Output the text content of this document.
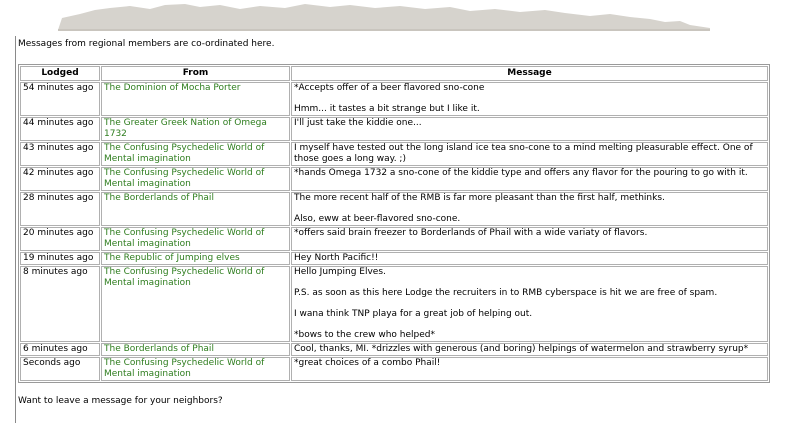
Messages from regional members are co-ordinated here.
Lodged	From	Message
54 minutes ago	The Dominion of Mocha Porter	*Accepts offer of a beer flavored sno-cone

Hmm... it tastes a bit strange but I like it.

44 minutes ago	The Greater Greek Nation of Omega 1732	I'll just take the kiddie one...

43 minutes ago	The Confusing Psychedelic World of Mental imagination	I myself have tested out the long island ice tea sno-cone to a mind melting pleasurable effect. One of those goes a long way. ;)

42 minutes ago	The Confusing Psychedelic World of Mental imagination	*hands Omega 1732 a sno-cone of the kiddie type and offers any flavor for the pouring to go with it.

28 minutes ago	The Borderlands of Phail	The more recent half of the RMB is far more pleasant than the first half, methinks.

Also, eww at beer-flavored sno-cone.

20 minutes ago	The Confusing Psychedelic World of Mental imagination	*offers said brain freezer to Borderlands of Phail with a wide variaty of flavors.

19 minutes ago	The Republic of Jumping elves	Hey North Pacific!!

8 minutes ago	The Confusing Psychedelic World of Mental imagination	Hello Jumping Elves.

P.S. as soon as this here Lodge the recruiters in to RMB cyberspace is hit we are free of spam.

I wana think TNP playa for a great job of helping out.

*bows to the crew who helped*

6 minutes ago	The Borderlands of Phail	Cool, thanks, MI. *drizzles with generous (and boring) helpings of watermelon and strawberry syrup*

Seconds ago	The Confusing Psychedelic World of Mental imagination	*great choices of a combo Phail!

Want to leave a message for your neighbors?
